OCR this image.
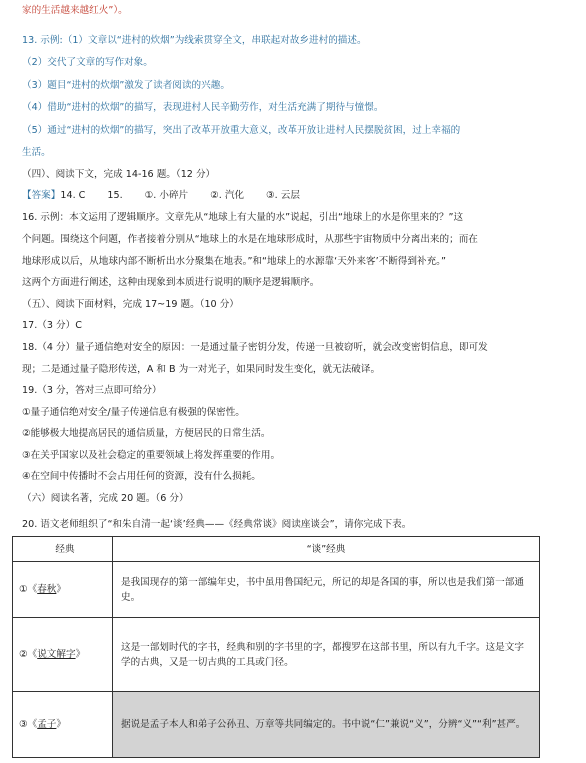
家的生活越来越红火”）。
13. 示例:（1）文章以“进村的炊烟”为线索贯穿全文，串联起对故乡进村的描述。
（2）交代了文章的写作对象。
（3）题目“进村的炊烟”激发了读者阅读的兴趣。
（4）借助“进村的炊烟”的描写，表现进村人民辛勤劳作，对生活充满了期待与憧憬。
（5）通过“进村的炊烟”的描写，突出了改革开放重大意义，改革开放让进村人民摆脱贫困，过上幸福的
生活。
（四）、阅读下文，完成 14-16 题。（12 分）
【答案】14. C 15. ①. 小碎片 ②. 汽化 ③. 云层
16. 示例：本文运用了逻辑顺序。文章先从“地球上有大量的水”说起，引出“地球上的水是你里来的？”这
个问题。围绕这个问题，作者接着分别从“地球上的水是在地球形成时，从那些宇宙物质中分离出来的；而在
地球形成以后，从地球内部不断析出水分聚集在地表。”和“地球上的水源靠‘天外来客’不断得到补充。”
这两个方面进行阐述，这种由现象到本质进行说明的顺序是逻辑顺序。
（五）、阅读下面材料，完成 17~19 题。（10 分）
17.（3 分）C
18.（4 分）量子通信绝对安全的原因：一是通过量子密钥分发，传递一旦被窃听，就会改变密钥信息，即可发
现；二是通过量子隐形传送，A 和 B 为一对光子，如果同时发生变化，就无法破译。
19.（3 分，答对三点即可给分）
①量子通信绝对安全/量子传递信息有极强的保密性。
②能够极大地提高居民的通信质量，方便居民的日常生活。
③在关乎国家以及社会稳定的重要领域上将发挥重要的作用。
④在空间中传播时不会占用任何的资源，没有什么损耗。
（六）阅读名著，完成 20 题。（6 分）
20. 语文老师组织了“和朱自清一起‘谈’经典——《经典常谈》阅读座谈会”，请你完成下表。
经典	“谈”经典
①《春秋》	是我国现存的第一部编年史，书中虽用鲁国纪元，所记的却是各国的事，所以也是我们第一部通史。
②《说文解字》	这是一部划时代的字书，经典和别的字书里的字，都搜罗在这部书里，所以有九千字。这是文字学的古典，又是一切古典的工具或门径。
③《孟子》	据说是孟子本人和弟子公孙丑、万章等共同编定的。书中说“仁”兼说“义”，分辨“义”“利”甚严。
